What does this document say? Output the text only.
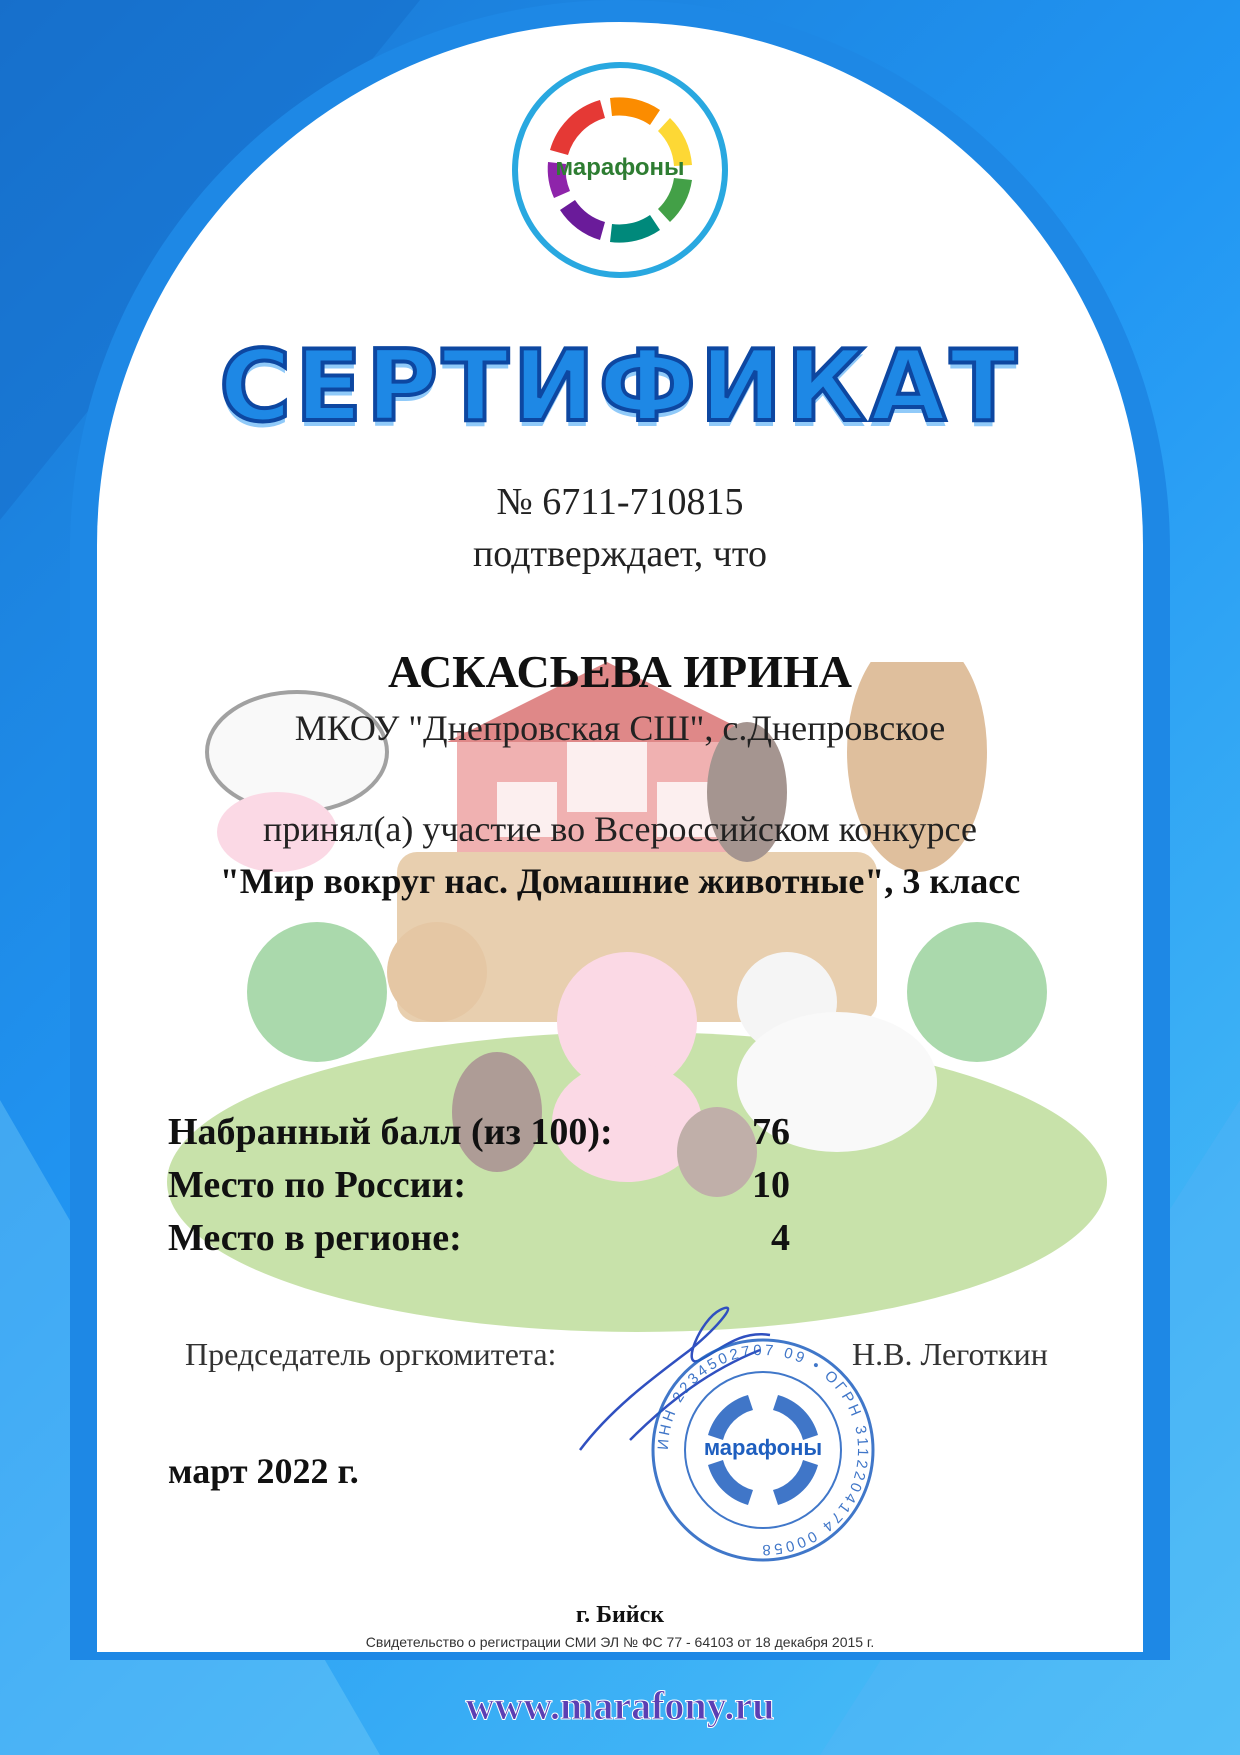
марафоны
СЕРТИФИКАТ
№ 6711-710815
подтверждает, что
АСКАСЬЕВА ИРИНА
МКОУ "Днепровская СШ", с.Днепровское
принял(а) участие во Всероссийском конкурсе
"Мир вокруг нас. Домашние животные", 3 класс
Набранный балл (из 100):	76
Место по России:	10
Место в регионе:	4
Председатель оргкомитета:	Н.В. Леготкин
ИНН 2234502707 09 • ОГРН 3112204174 00058
марафоны
март 2022 г.
г. Бийск
Свидетельство о регистрации СМИ ЭЛ № ФС 77 - 64103 от 18 декабря 2015 г.
www.marafony.ru
